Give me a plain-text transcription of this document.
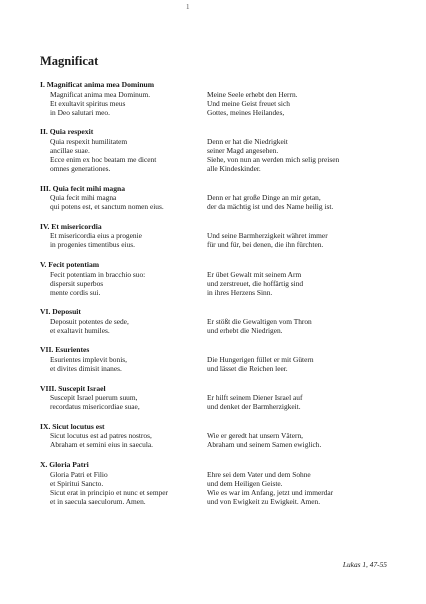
1
Magnificat
I. Magnificat anima mea Dominum
Magnificat anima mea Dominum.
Et exultavit spiritus meus
in Deo salutari meo.
Meine Seele erhebt den Herrn.
Und meine Geist freuet sich
Gottes, meines Heilandes,
II. Quia respexit
Quia respexit humilitatem
ancillae suae.
Ecce enim ex hoc beatam me dicent
omnes generationes.
Denn er hat die Niedrigkeit
seiner Magd angesehen.
Siehe, von nun an werden mich selig preisen
alle Kindeskinder.
III. Quia fecit mihi magna
Quia fecit mihi magna
qui potens est, et sanctum nomen eius.
Denn er hat große Dinge an mir getan,
der da mächtig ist und des Name heilig ist.
IV. Et misericordia
Et misericordia eius a progenie
in progenies timentibus eius.
Und seine Barmherzigkeit währet immer
für und für, bei denen, die ihn fürchten.
V. Fecit potentiam
Fecit potentiam in bracchio suo:
dispersit superbos
mente cordis sui.
Er übet Gewalt mit seinem Arm
und zerstreuet, die hoffärtig sind
in ihres Herzens Sinn.
VI. Deposuit
Deposuit potentes de sede,
et exaltavit humiles.
Er stößt die Gewaltigen vom Thron
und erhebt die Niedrigen.
VII. Esurientes
Esurientes implevit bonis,
et divites dimisit inanes.
Die Hungerigen füllet er mit Gütern
und lässet die Reichen leer.
VIII. Suscepit Israel
Suscepit Israel puerum suum,
recordatus misericordiae suae,
Er hilft seinem Diener Israel auf
und denket der Barmherzigkeit.
IX. Sicut locutus est
Sicut locutus est ad patres nostros,
Abraham et semini eius in saecula.
Wie er geredt hat unsern Vätern,
Abraham und seinem Samen ewiglich.
X. Gloria Patri
Gloria Patri et Filio
et Spiritui Sancto.
Sicut erat in principio et nunc et semper
et in saecula saeculorum. Amen.
Ehre sei dem Vater und dem Sohne
und dem Heiligen Geiste.
Wie es war im Anfang, jetzt und immerdar
und von Ewigkeit zu Ewigkeit. Amen.
Lukas 1, 47-55
